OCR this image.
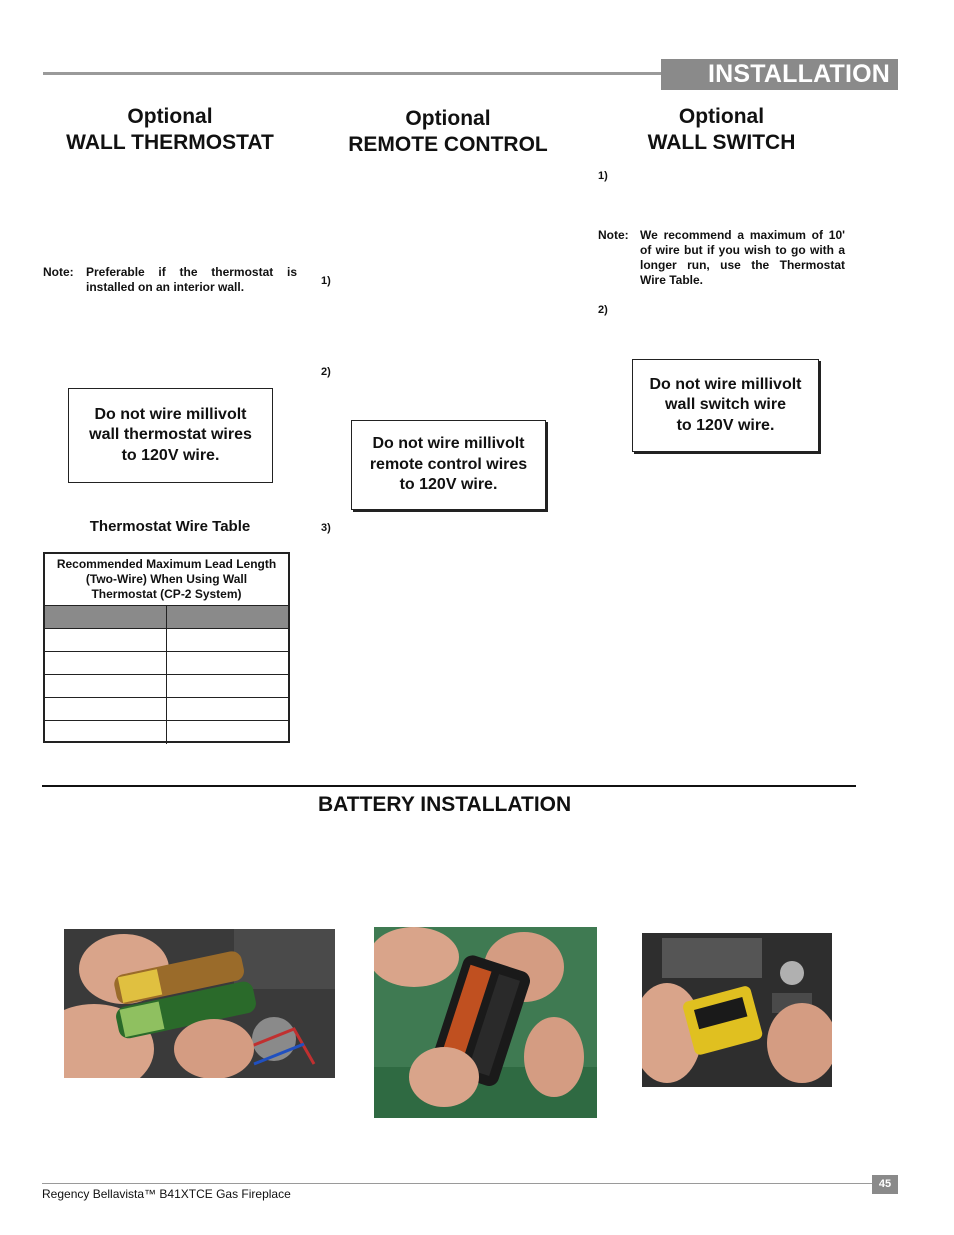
INSTALLATION
Optional
WALL THERMOSTAT
Note:	Preferable if the thermostat is installed on an interior wall.
Do not wire millivolt
wall thermostat wires
to 120V wire.
Thermostat Wire Table
Recommended Maximum Lead Length
(Two-Wire) When Using Wall
Thermostat (CP-2 System)
Optional
REMOTE CONTROL
1)
2)
Do not wire millivolt
remote control wires
to 120V wire.
3)
Optional
WALL SWITCH
1)
Note: We recommend a maximum of 10' of wire but if you wish to go with a longer run, use the Thermostat Wire Table.
2)
Do not wire millivolt
wall switch wire
to 120V wire.
BATTERY INSTALLATION
Regency Bellavista™ B41XTCE Gas Fireplace
45
